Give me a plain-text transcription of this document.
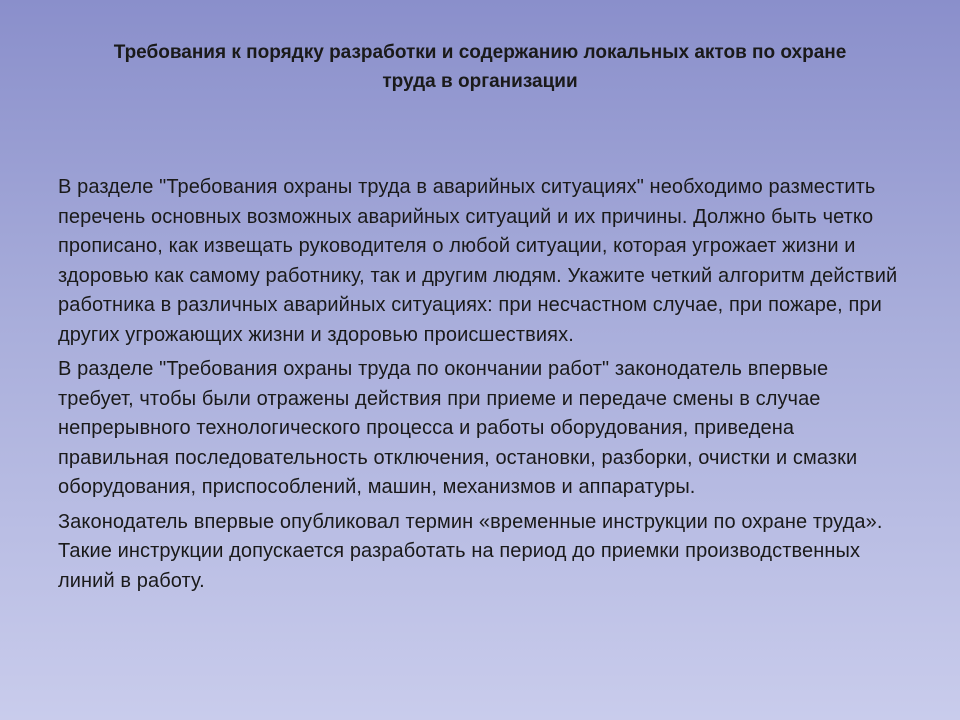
Требования к порядку разработки и содержанию локальных актов по охране труда в организации

В разделе "Требования охраны труда в аварийных ситуациях" необходимо разместить перечень основных возможных аварийных ситуаций и их причины. Должно быть четко прописано, как извещать руководителя о любой ситуации, которая угрожает жизни и здоровью как самому работнику, так и другим людям. Укажите четкий алгоритм действий работника в различных аварийных ситуациях: при несчастном случае, при пожаре, при других угрожающих жизни и здоровью происшествиях.

В разделе "Требования охраны труда по окончании работ" законодатель впервые требует, чтобы были отражены действия при приеме и передаче смены в случае непрерывного технологического процесса и работы оборудования, приведена правильная последовательность отключения, остановки, разборки, очистки и смазки оборудования, приспособлений, машин, механизмов и аппаратуры.

Законодатель впервые опубликовал термин «временные инструкции по охране труда». Такие инструкции допускается разработать на период до приемки производственных линий в работу.
